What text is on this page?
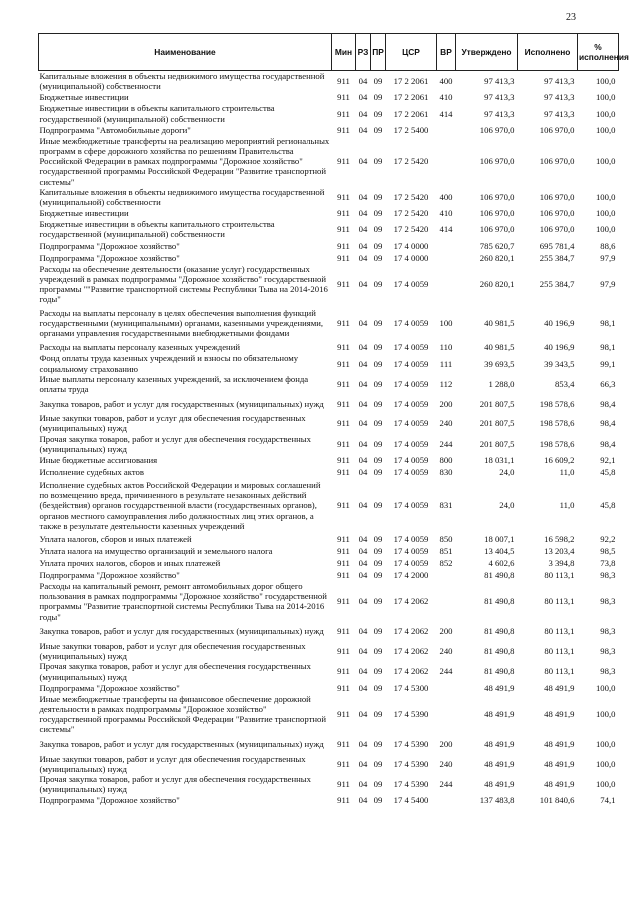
23
Наименование	Мин	РЗ	ПР	ЦСР	ВР	Утверждено	Исполнено	% исполнения
Капитальные вложения в объекты недвижимого имущества государственной (муниципальной) собственности	911	04	09	17 2 2061	400	97 413,3	97 413,3	100,0
Бюджетные инвестиции	911	04	09	17 2 2061	410	97 413,3	97 413,3	100,0
Бюджетные инвестиции в объекты капитального строительства государственной (муниципальной) собственности	911	04	09	17 2 2061	414	97 413,3	97 413,3	100,0
Подпрограмма "Автомобильные дороги"	911	04	09	17 2 5400		106 970,0	106 970,0	100,0
Иные межбюджетные трансферты на реализацию мероприятий региональных программ в сфере дорожного хозяйства по решениям Правительства Российской Федерации в рамках подпрограммы "Дорожное хозяйство" государственной программы Российской Федерации "Развитие транспортной системы"	911	04	09	17 2 5420		106 970,0	106 970,0	100,0
Капитальные вложения в объекты недвижимого имущества государственной (муниципальной) собственности	911	04	09	17 2 5420	400	106 970,0	106 970,0	100,0
Бюджетные инвестиции	911	04	09	17 2 5420	410	106 970,0	106 970,0	100,0
Бюджетные инвестиции в объекты капитального строительства государственной (муниципальной) собственности	911	04	09	17 2 5420	414	106 970,0	106 970,0	100,0
Подпрограмма "Дорожное хозяйство"	911	04	09	17 4 0000		785 620,7	695 781,4	88,6
Подпрограмма "Дорожное хозяйство"	911	04	09	17 4 0000		260 820,1	255 384,7	97,9
Расходы на обеспечение деятельности (оказание услуг) государственных учреждений в рамках подпрограммы "Дорожное хозяйство" государственной программы ""Развитие транспортной системы Республики Тыва на 2014-2016 годы"	911	04	09	17 4 0059		260 820,1	255 384,7	97,9
Расходы на выплаты персоналу в целях обеспечения выполнения функций государственными (муниципальными) органами, казенными учреждениями, органами управления государственными внебюджетными фондами	911	04	09	17 4 0059	100	40 981,5	40 196,9	98,1
Расходы на выплаты персоналу казенных учреждений	911	04	09	17 4 0059	110	40 981,5	40 196,9	98,1
Фонд оплаты труда казенных учреждений и взносы по обязательному социальному страхованию	911	04	09	17 4 0059	111	39 693,5	39 343,5	99,1
Иные выплаты персоналу казенных учреждений, за исключением фонда оплаты труда	911	04	09	17 4 0059	112	1 288,0	853,4	66,3
Закупка товаров, работ и услуг для государственных (муниципальных) нужд	911	04	09	17 4 0059	200	201 807,5	198 578,6	98,4
Иные закупки товаров, работ и услуг для обеспечения государственных (муниципальных) нужд	911	04	09	17 4 0059	240	201 807,5	198 578,6	98,4
Прочая закупка товаров, работ и услуг для обеспечения государственных (муниципальных) нужд	911	04	09	17 4 0059	244	201 807,5	198 578,6	98,4
Иные бюджетные ассигнования	911	04	09	17 4 0059	800	18 031,1	16 609,2	92,1
Исполнение судебных актов	911	04	09	17 4 0059	830	24,0	11,0	45,8
Исполнение судебных актов Российской Федерации и мировых соглашений по возмещению вреда, причиненного в результате незаконных действий (бездействия) органов государственной власти (государственных органов), органов местного самоуправления либо должностных лиц этих органов, а также в результате деятельности казенных учреждений	911	04	09	17 4 0059	831	24,0	11,0	45,8
Уплата налогов, сборов и иных платежей	911	04	09	17 4 0059	850	18 007,1	16 598,2	92,2
Уплата налога на имущество организаций и земельного налога	911	04	09	17 4 0059	851	13 404,5	13 203,4	98,5
Уплата прочих налогов, сборов и иных платежей	911	04	09	17 4 0059	852	4 602,6	3 394,8	73,8
Подпрограмма "Дорожное хозяйство"	911	04	09	17 4 2000		81 490,8	80 113,1	98,3
Расходы на капитальный ремонт, ремонт автомобильных дорог общего пользования в рамках подпрограммы "Дорожное хозяйство" государственной программы "Развитие транспортной системы Республики Тыва на 2014-2016 годы"	911	04	09	17 4 2062		81 490,8	80 113,1	98,3
Закупка товаров, работ и услуг для государственных (муниципальных) нужд	911	04	09	17 4 2062	200	81 490,8	80 113,1	98,3
Иные закупки товаров, работ и услуг для обеспечения государственных (муниципальных) нужд	911	04	09	17 4 2062	240	81 490,8	80 113,1	98,3
Прочая закупка товаров, работ и услуг для обеспечения государственных (муниципальных) нужд	911	04	09	17 4 2062	244	81 490,8	80 113,1	98,3
Подпрограмма "Дорожное хозяйство"	911	04	09	17 4 5300		48 491,9	48 491,9	100,0
Иные межбюджетные трансферты на финансовое обеспечение дорожной деятельности в рамках подпрограммы "Дорожное хозяйство" государственной программы Российской Федерации "Развитие транспортной системы"	911	04	09	17 4 5390		48 491,9	48 491,9	100,0
Закупка товаров, работ и услуг для государственных (муниципальных) нужд	911	04	09	17 4 5390	200	48 491,9	48 491,9	100,0
Иные закупки товаров, работ и услуг для обеспечения государственных (муниципальных) нужд	911	04	09	17 4 5390	240	48 491,9	48 491,9	100,0
Прочая закупка товаров, работ и услуг для обеспечения государственных (муниципальных) нужд	911	04	09	17 4 5390	244	48 491,9	48 491,9	100,0
Подпрограмма "Дорожное хозяйство"	911	04	09	17 4 5400		137 483,8	101 840,6	74,1
